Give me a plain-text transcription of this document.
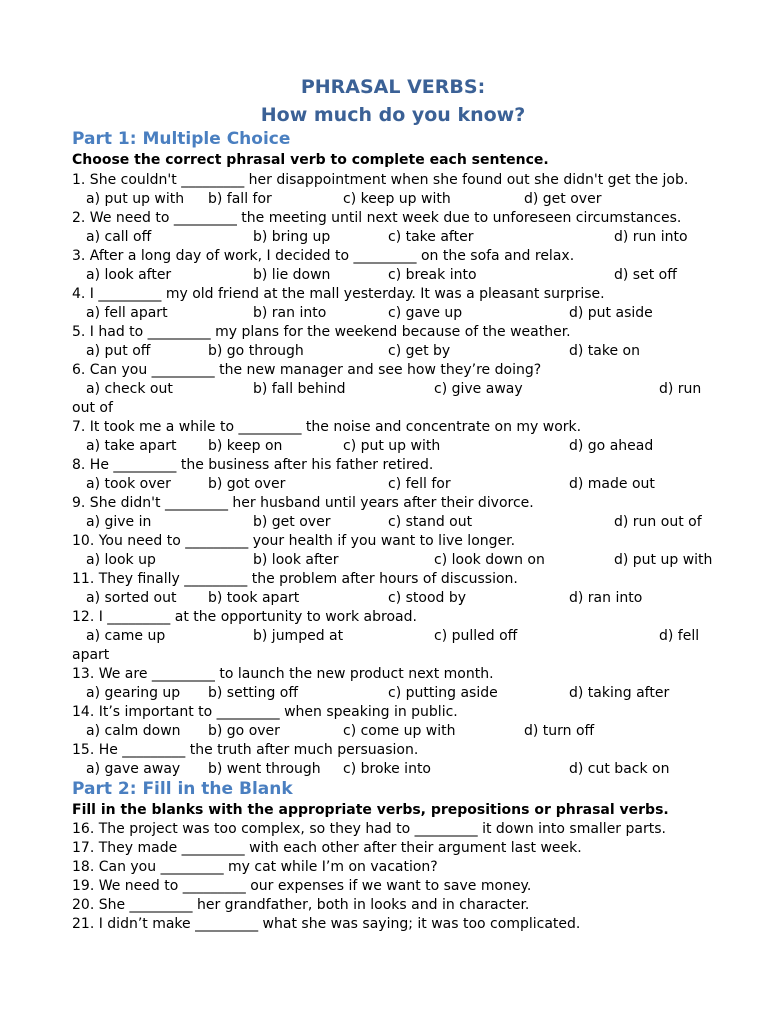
PHRASAL VERBS:
How much do you know?
Part 1: Multiple Choice
Choose the correct phrasal verb to complete each sentence.
1. She couldn't _________ her disappointment when she found out she didn't get the job.
a) put up with b) fall for	c) keep up with	d) get over
2. We need to _________ the meeting until next week due to unforeseen circumstances.
a) call off	b) bring up	c) take after	d) run into
3. After a long day of work, I decided to _________ on the sofa and relax.
a) look after	b) lie down	c) break into	d) set off
4. I _________ my old friend at the mall yesterday. It was a pleasant surprise.
a) fell apart	b) ran into	c) gave up	d) put aside
5. I had to _________ my plans for the weekend because of the weather.
a) put off	b) go through	c) get by	d) take on
6. Can you _________ the new manager and see how they’re doing?
a) check out	b) fall behind	c) give away	d) run
out of
7. It took me a while to _________ the noise and concentrate on my work.
a) take apart b) keep on	c) put up with	d) go ahead
8. He _________ the business after his father retired.
a) took over	b) got over	c) fell for	d) made out
9. She didn't _________ her husband until years after their divorce.
a) give in	b) get over	c) stand out	d) run out of
10. You need to _________ your health if you want to live longer.
a) look up	b) look after	c) look down on	d) put up with
11. They finally _________ the problem after hours of discussion.
a) sorted out b) took apart	c) stood by	d) ran into
12. I _________ at the opportunity to work abroad.
a) came up	b) jumped at	c) pulled off	d) fell
apart
13. We are _________ to launch the new product next month.
a) gearing up b) setting off	c) putting aside	d) taking after
14. It’s important to _________ when speaking in public.
a) calm down b) go over	c) come up with	d) turn off
15. He _________ the truth after much persuasion.
a) gave away b) went through c) broke into	d) cut back on
Part 2: Fill in the Blank
Fill in the blanks with the appropriate verbs, prepositions or phrasal verbs.
16. The project was too complex, so they had to _________ it down into smaller parts.
17. They made _________ with each other after their argument last week.
18. Can you _________ my cat while I’m on vacation?
19. We need to _________ our expenses if we want to save money.
20. She _________ her grandfather, both in looks and in character.
21. I didn’t make _________ what she was saying; it was too complicated.
